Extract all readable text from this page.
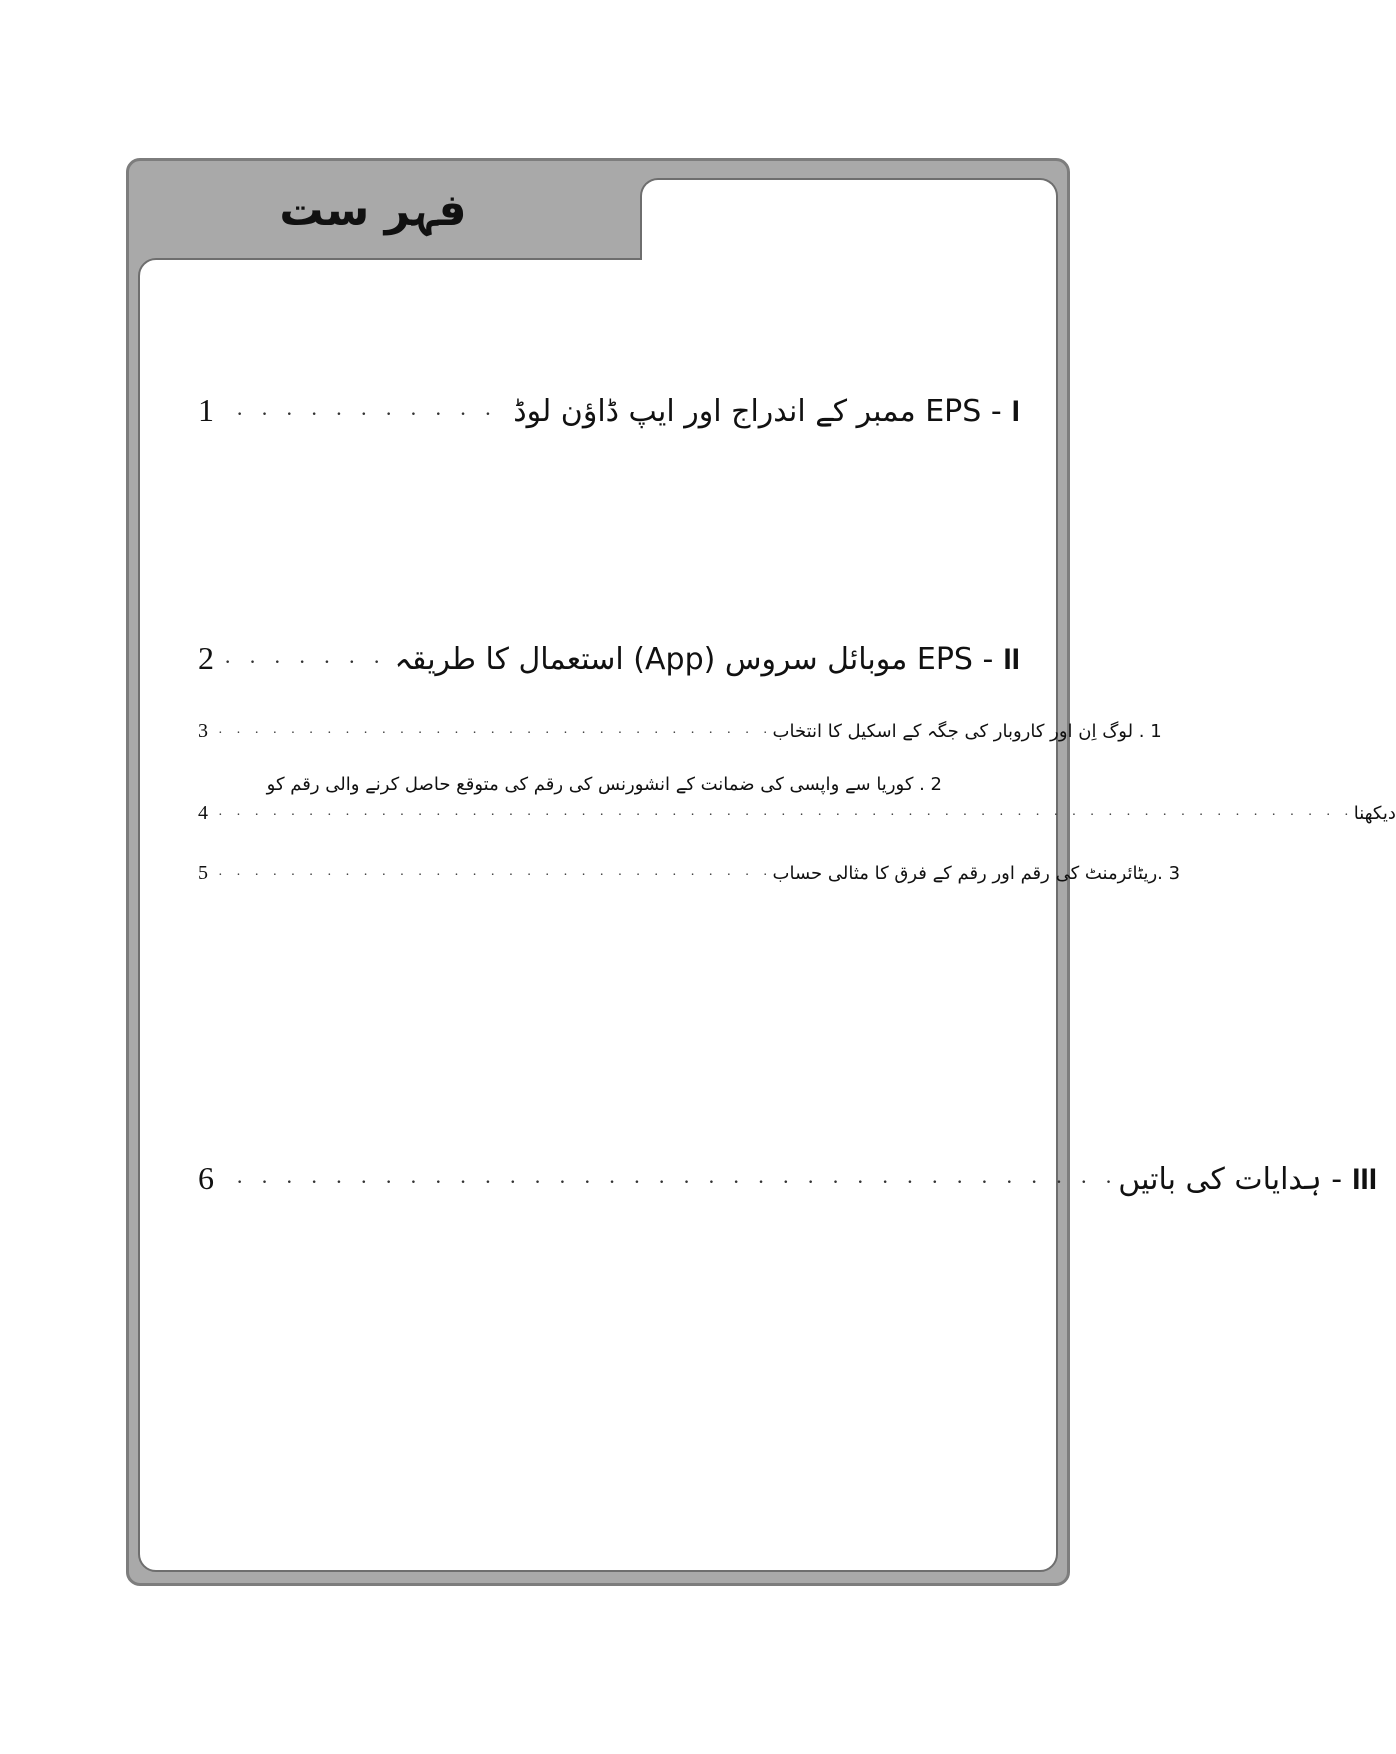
فہر ست
1 · · · · · · · · · · · - EPS ممبر کے اندراج اور ایپ ڈاؤن لوڈ I
2 · · · · · · · - EPS موبائل سروس (App) استعمال کا طریقہ II
3 · · · · · · · · · · · · · · · · · · · · · · · · · · · · · · · 1 . لوگ اِن اور کاروبار کی جگہ کے اسکیل کا انتخاب
2 . کوریا سے واپسی کی ضمانت کے انشورنس کی رقم کی متوقع حاصل کرنے والی رقم کو
4 · · · · · · · · · · · · · · · · · · · · · · · · · · · · · · · · · · · · · · · · · · · · · · · · · · · · · · · · · · · · · · · دیکھنا
5 · · · · · · · · · · · · · · · · · · · · · · · · · · · · · · · 3 .ریٹائرمنٹ کی رقم اور رقم کے فرق کا مثالی حساب
6 · · · · · · · · · · · · · · · · · · · · · · · · · · · · · · · · · · · · - ہدایات کی باتیں III
